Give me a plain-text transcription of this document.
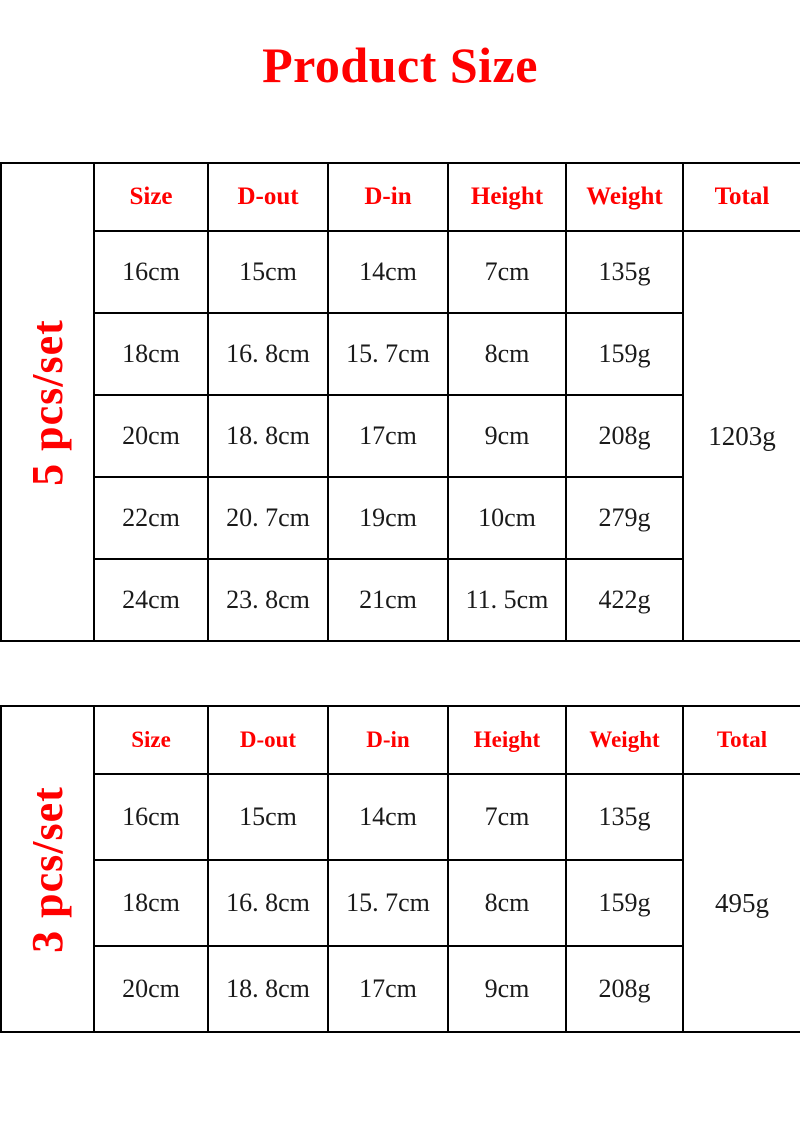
Product Size
5 pcs/set	Size	D-out	D-in	Height	Weight	Total
	16cm	15cm	14cm	7cm	135g	1203g
	18cm	16. 8cm	15. 7cm	8cm	159g	
	20cm	18. 8cm	17cm	9cm	208g	
	22cm	20. 7cm	19cm	10cm	279g	
	24cm	23. 8cm	21cm	11. 5cm	422g	
3 pcs/set	Size	D-out	D-in	Height	Weight	Total
	16cm	15cm	14cm	7cm	135g	495g
	18cm	16. 8cm	15. 7cm	8cm	159g	
	20cm	18. 8cm	17cm	9cm	208g	
